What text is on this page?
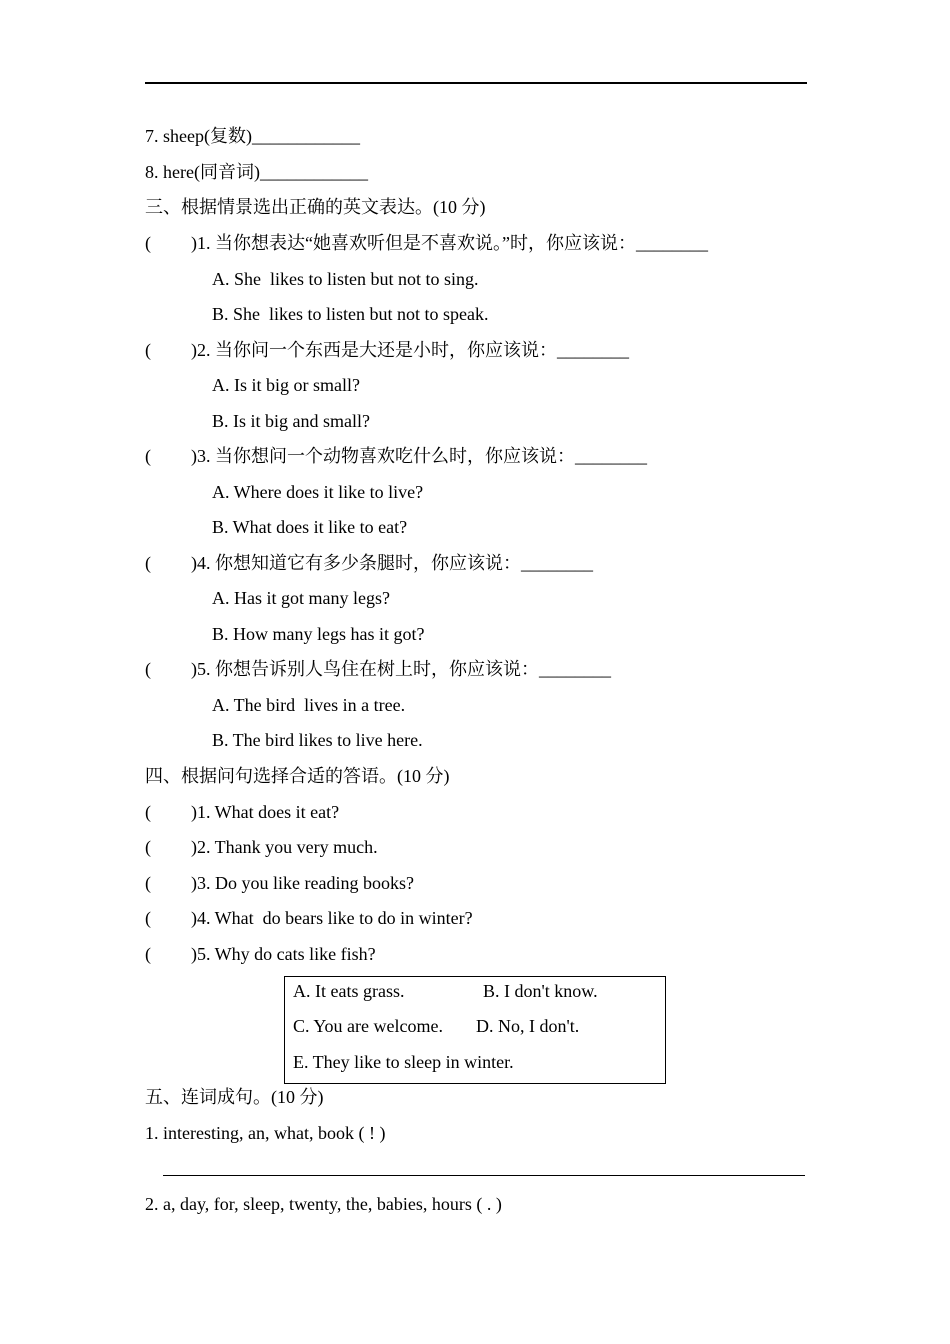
7. sheep(复数)____________
8. here(同音词)____________
三、根据情景选出正确的英文表达。(10 分)
( )1. 当你想表达“她喜欢听但是不喜欢说。”时，你应该说：________
A. She  likes to listen but not to sing.
B. She  likes to listen but not to speak.
( )2. 当你问一个东西是大还是小时，你应该说：________
A. Is it big or small?
B. Is it big and small?
( )3. 当你想问一个动物喜欢吃什么时，你应该说：________
A. Where does it like to live?
B. What does it like to eat?
( )4. 你想知道它有多少条腿时，你应该说：________
A. Has it got many legs?
B. How many legs has it got?
( )5. 你想告诉别人鸟住在树上时，你应该说：________
A. The bird  lives in a tree.
B. The bird likes to live here.
四、根据问句选择合适的答语。(10 分)
( )1. What does it eat?
( )2. Thank you very much.
( )3. Do you like reading books?
( )4. What  do bears like to do in winter?
( )5. Why do cats like fish?
A. It eats grass.	B. I don't know.
C. You are welcome. D. No, I don't.
E. They like to sleep in winter.
五、连词成句。(10 分)
1. interesting, an, what, book ( ! )
2. a, day, for, sleep, twenty, the, babies, hours ( . )
